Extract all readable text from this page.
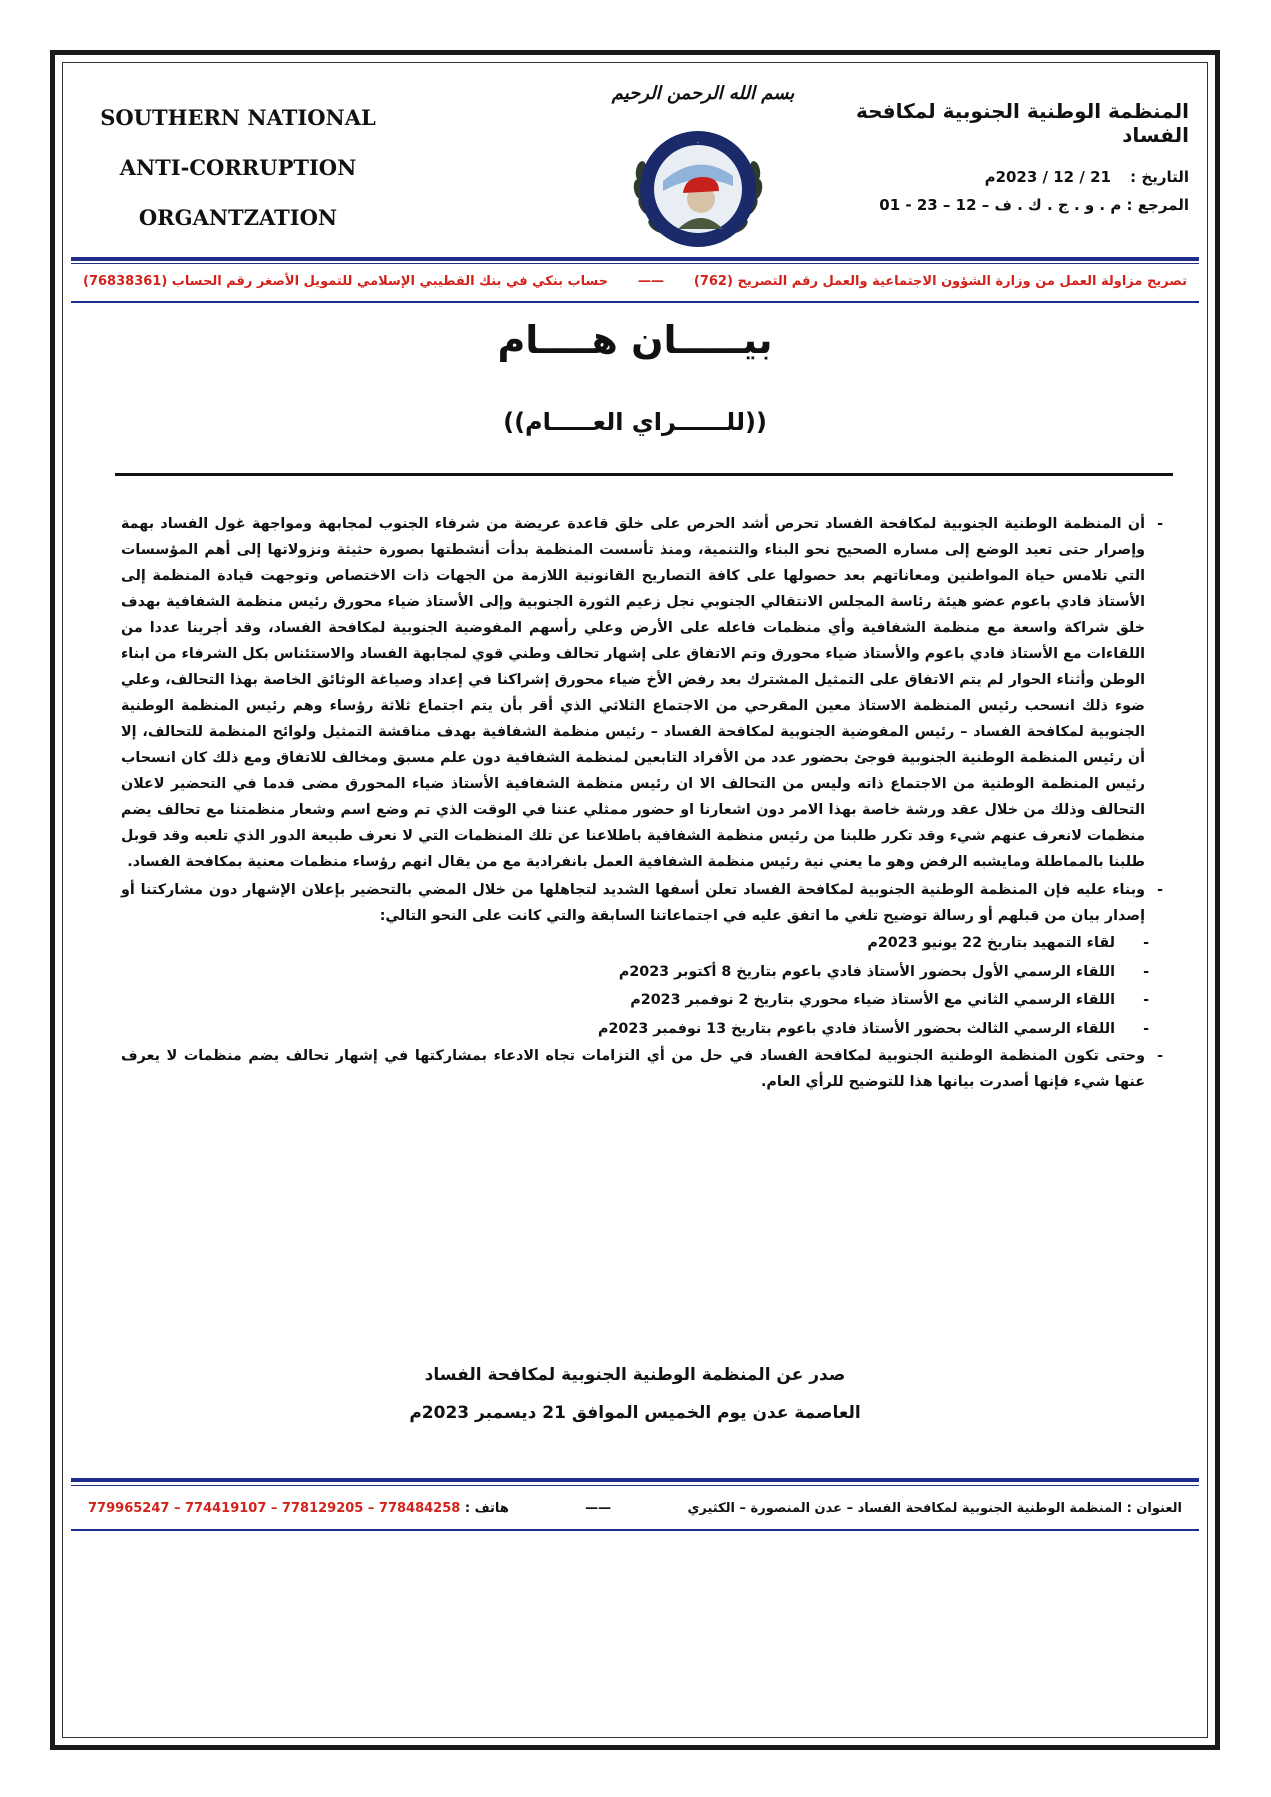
SOUTHERN NATIONAL
ANTI-CORRUPTION
ORGANTZATION
بسم الله الرحمن الرحيم
.
المنظمة الوطنية الجنوبية لمكافحة الفساد
التاريخ : 21 / 12 / 2023م
المرجع : م . و . ج . ك . ف – 12 – 23 - 01
تصريح مزاولة العمل من وزارة الشؤون الاجتماعية والعمل رقم التصريح (762)
——
حساب بنكي في بنك القطيبي الإسلامي للتمويل الأصغر رقم الحساب (76838361)
بيـــــان هــــام
((للــــــراي العـــــام))
-

أن المنظمة الوطنية الجنوبية لمكافحة الفساد تحرص أشد الحرص على خلق قاعدة عريضة من شرفاء الجنوب لمجابهة ومواجهة غول الفساد بهمة وإصرار حتى تعيد الوضع إلى مساره الصحيح نحو البناء والتنمية، ومنذ تأسست المنظمة بدأت أنشطتها بصورة حثيثة ونزولاتها إلى أهم المؤسسات التي تلامس حياة المواطنين ومعاناتهم بعد حصولها على كافة التصاريح القانونية اللازمة من الجهات ذات الاختصاص وتوجهت قيادة المنظمة إلى الأستاذ فادي باعوم عضو هيئة رئاسة المجلس الانتقالي الجنوبي نجل زعيم الثورة الجنوبية وإلى الأستاذ ضياء محورق رئيس منظمة الشفافية بهدف خلق شراكة واسعة مع منظمة الشفافية وأي منظمات فاعله على الأرض وعلي رأسهم المفوضية الجنوبية لمكافحة الفساد، وقد أجرينا عددا من اللقاءات مع الأستاذ فادي باعوم والأستاذ ضياء محورق وتم الاتفاق على إشهار تحالف وطني قوي لمجابهة الفساد والاستئناس بكل الشرفاء من ابناء الوطن وأثناء الحوار لم يتم الاتفاق على التمثيل المشترك بعد رفض الأخ ضياء محورق إشراكنا في إعداد وصياغة الوثائق الخاصة بهذا التحالف، وعلي ضوء ذلك انسحب رئيس المنظمة الاستاذ معين المقرحي من الاجتماع الثلاثي الذي أقر بأن يتم اجتماع ثلاثة رؤساء وهم رئيس المنظمة الوطنية الجنوبية لمكافحة الفساد – رئيس المفوضية الجنوبية لمكافحة الفساد – رئيس منظمة الشفافية بهدف مناقشة التمثيل ولوائح المنظمة للتحالف، إلا أن رئيس المنظمة الوطنية الجنوبية فوجئ بحضور عدد من الأفراد التابعين لمنظمة الشفافية دون علم مسبق ومخالف للاتفاق ومع ذلك كان انسحاب رئيس المنظمة الوطنية من الاجتماع ذاته وليس من التحالف الا ان رئيس منظمة الشفافية الأستاذ ضياء المحورق مضى قدما في التحضير لاعلان التحالف وذلك من خلال عقد ورشة خاصة بهذا الامر دون اشعارنا او حضور ممثلي عننا في الوقت الذي تم وضع اسم وشعار منظمتنا مع تحالف يضم منظمات لانعرف عنهم شيء وقد تكرر طلبنا من رئيس منظمة الشفافية باطلاعنا عن تلك المنظمات التي لا نعرف طبيعة الدور الذي تلعبه وقد قوبل طلبنا بالمماطلة ومايشبه الرفض وهو ما يعني نية رئيس منظمة الشفافية العمل بانفرادية مع من يقال انهم رؤساء منظمات معنية بمكافحة الفساد.

-

وبناء عليه فإن المنظمة الوطنية الجنوبية لمكافحة الفساد تعلن أسفها الشديد لتجاهلها من خلال المضي بالتحضير بإعلان الإشهار دون مشاركتنا أو إصدار بيان من قبلهم أو رسالة توضيح تلغي ما اتفق عليه في اجتماعاتنا السابقة والتي كانت على النحو التالي:

-
لقاء التمهيد بتاريخ 22 يونيو 2023م
-
اللقاء الرسمي الأول بحضور الأستاذ فادي باعوم بتاريخ 8 أكتوبر 2023م
-
اللقاء الرسمي الثاني مع الأستاذ ضياء محوري بتاريخ 2 نوفمبر 2023م
-
اللقاء الرسمي الثالث بحضور الأستاذ فادي باعوم بتاريخ 13 نوفمبر 2023م
-

وحتى تكون المنظمة الوطنية الجنوبية لمكافحة الفساد في حل من أي التزامات تجاه الادعاء بمشاركتها في إشهار تحالف يضم منظمات لا يعرف عنها شيء فإنها أصدرت بيانها هذا للتوضيح للرأي العام.

صدر عن المنظمة الوطنية الجنوبية لمكافحة الفساد
العاصمة عدن يوم الخميس الموافق 21 ديسمبر 2023م
العنوان : المنظمة الوطنية الجنوبية لمكافحة الفساد – عدن المنصورة – الكثيري
——
هاتف : 779965247 – 774419107 – 778129205 – 778484258
